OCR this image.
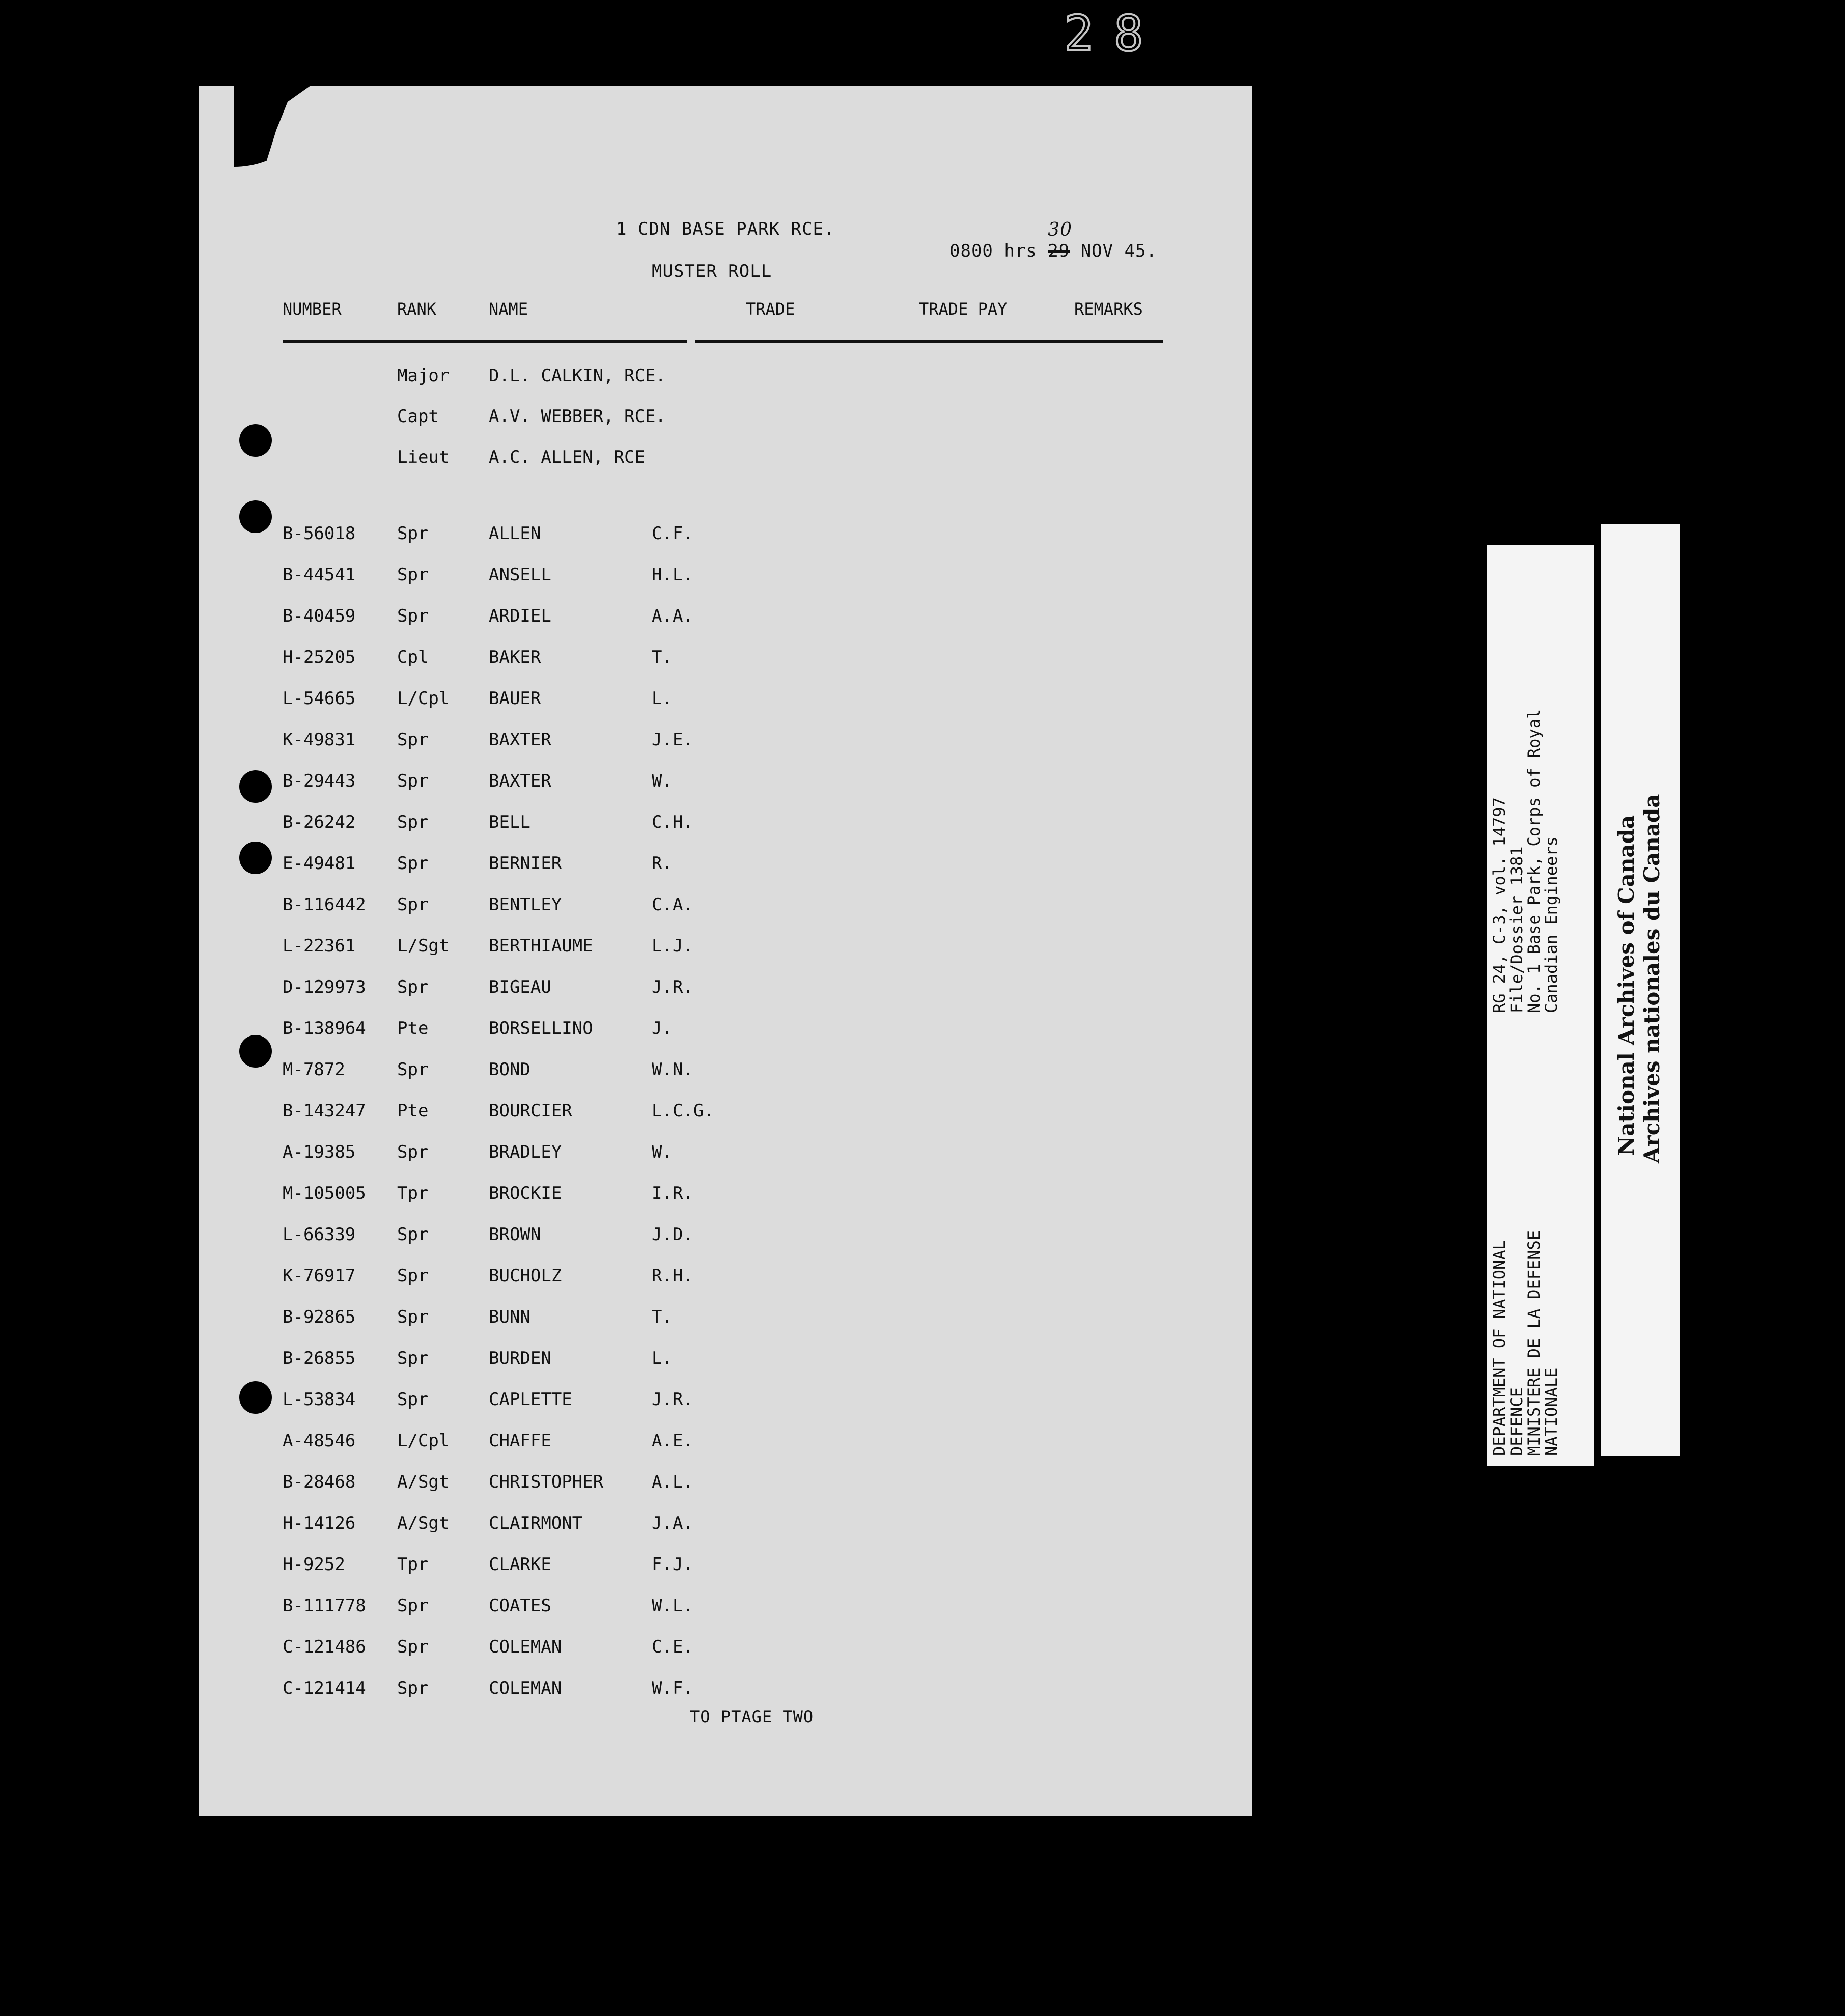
28
1 CDN BASE PARK RCE.
MUSTER ROLL
0800 hrs 29
30
NOV 45.
NUMBER	RANK	NAME	TRADE	TRADE PAY	REMARKS
Major D.L. CALKIN, RCE.
Capt	A.V. WEBBER, RCE.
Lieut A.C. ALLEN, RCE
B-56018 Spr	ALLEN	C.F.
B-44541 Spr	ANSELL	H.L.
B-40459 Spr	ARDIEL	A.A.
H-25205 Cpl	BAKER	T.
L-54665 L/Cpl BAUER	L.
K-49831 Spr	BAXTER	J.E.
B-29443 Spr	BAXTER	W.
B-26242 Spr	BELL	C.H.
E-49481 Spr	BERNIER	R.
B-116442 Spr	BENTLEY	C.A.
L-22361 L/Sgt BERTHIAUME	L.J.
D-129973 Spr	BIGEAU	J.R.
B-138964 Pte	BORSELLINO	J.
M-7872	Spr	BOND	W.N.
B-143247 Pte	BOURCIER	L.C.G.
A-19385 Spr	BRADLEY	W.
M-105005 Tpr	BROCKIE	I.R.
L-66339 Spr	BROWN	J.D.
K-76917 Spr	BUCHOLZ	R.H.
B-92865 Spr	BUNN	T.
B-26855 Spr	BURDEN	L.
L-53834 Spr	CAPLETTE	J.R.
A-48546 L/Cpl CHAFFE	A.E.
B-28468 A/Sgt CHRISTOPHER	A.L.
H-14126 A/Sgt CLAIRMONT	J.A.
H-9252	Tpr	CLARKE	F.J.
B-111778 Spr	COATES	W.L.
C-121486 Spr	COLEMAN	C.E.
C-121414 Spr	COLEMAN	W.F.
TO PTAGE TWO
DEPARTMENT OF NATIONAL
DEFENCE
MINISTERE DE LA DEFENSE
NATIONALE
RG 24, C-3, vol. 14797
File/Dossier 1381
No. 1 Base Park, Corps of Royal
Canadian Engineers National Archives of Canada Archives nationales du Canada
